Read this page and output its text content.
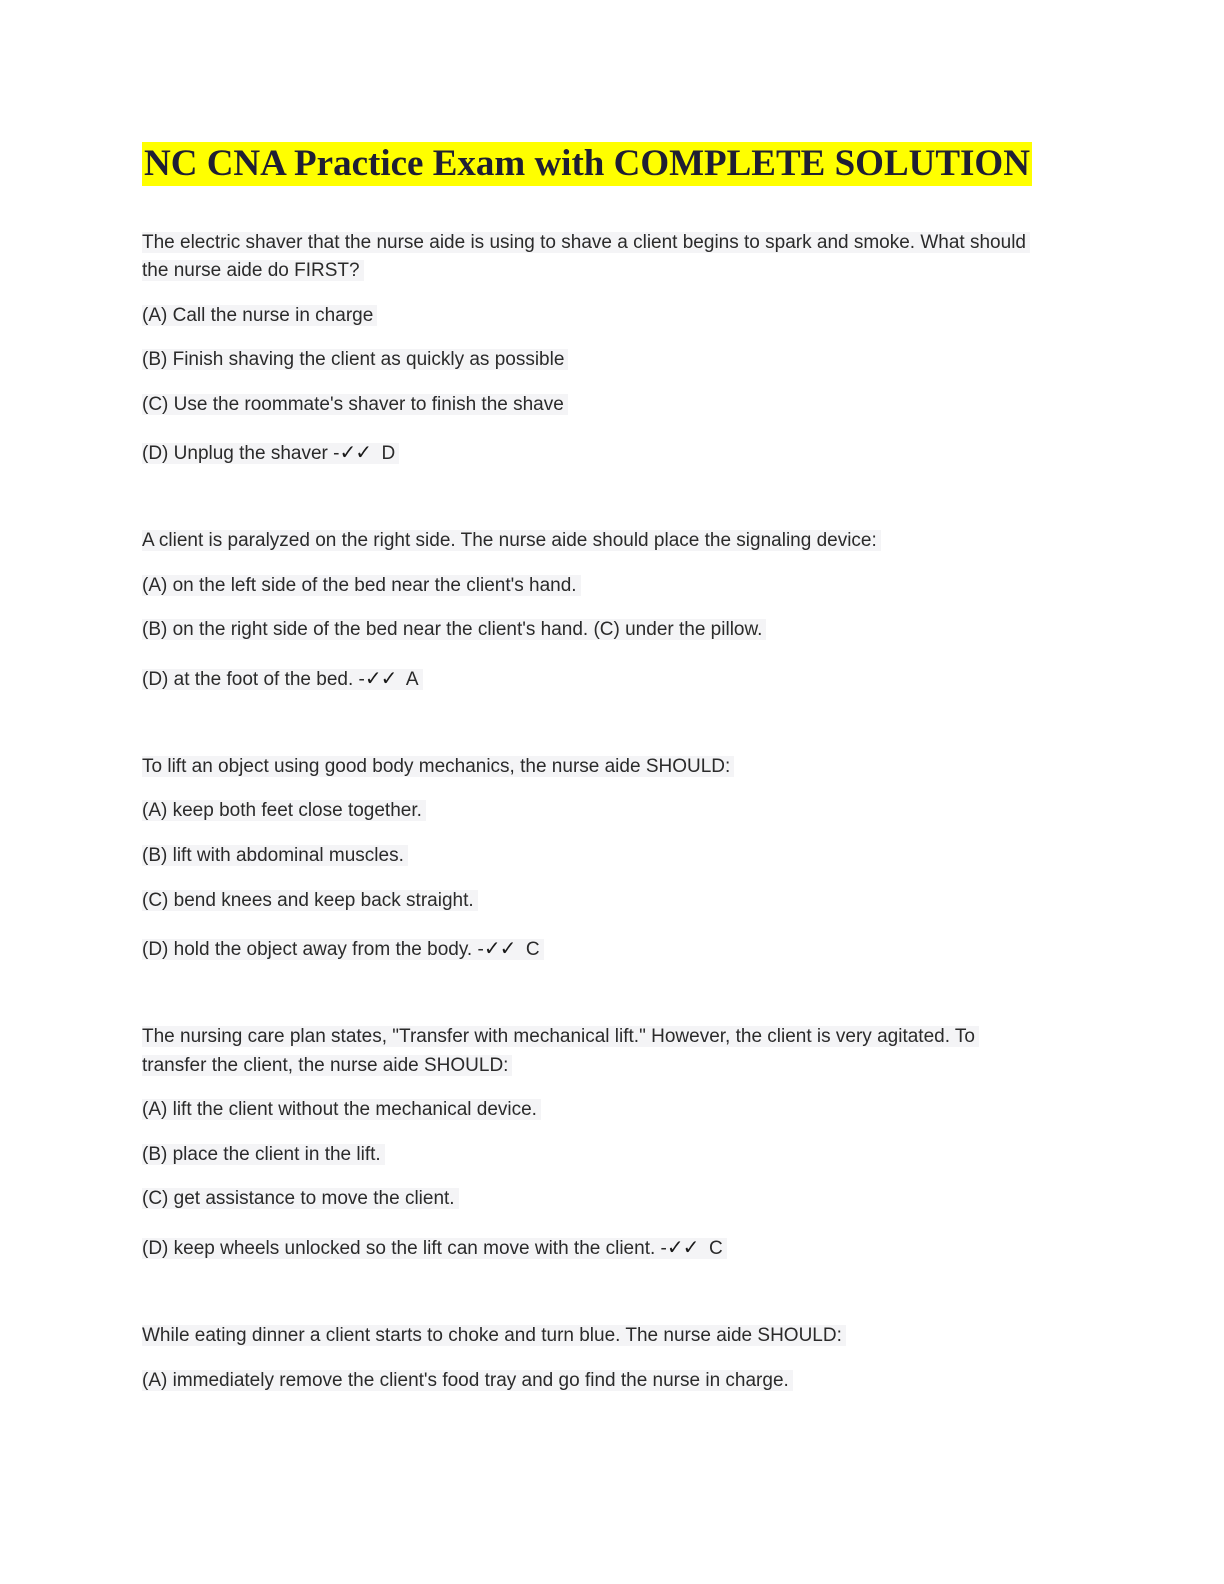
NC CNA Practice Exam with COMPLETE SOLUTION
The electric shaver that the nurse aide is using to shave a client begins to spark and smoke. What should
the nurse aide do FIRST?
(A) Call the nurse in charge
(B) Finish shaving the client as quickly as possible
(C) Use the roommate's shaver to finish the shave
(D) Unplug the shaver -✓✓ D
A client is paralyzed on the right side. The nurse aide should place the signaling device:
(A) on the left side of the bed near the client's hand.
(B) on the right side of the bed near the client's hand. (C) under the pillow.
(D) at the foot of the bed. -✓✓ A
To lift an object using good body mechanics, the nurse aide SHOULD:
(A) keep both feet close together.
(B) lift with abdominal muscles.
(C) bend knees and keep back straight.
(D) hold the object away from the body. -✓✓ C
The nursing care plan states, "Transfer with mechanical lift." However, the client is very agitated. To
transfer the client, the nurse aide SHOULD:
(A) lift the client without the mechanical device.
(B) place the client in the lift.
(C) get assistance to move the client.
(D) keep wheels unlocked so the lift can move with the client. -✓✓ C
While eating dinner a client starts to choke and turn blue. The nurse aide SHOULD:
(A) immediately remove the client's food tray and go find the nurse in charge.
